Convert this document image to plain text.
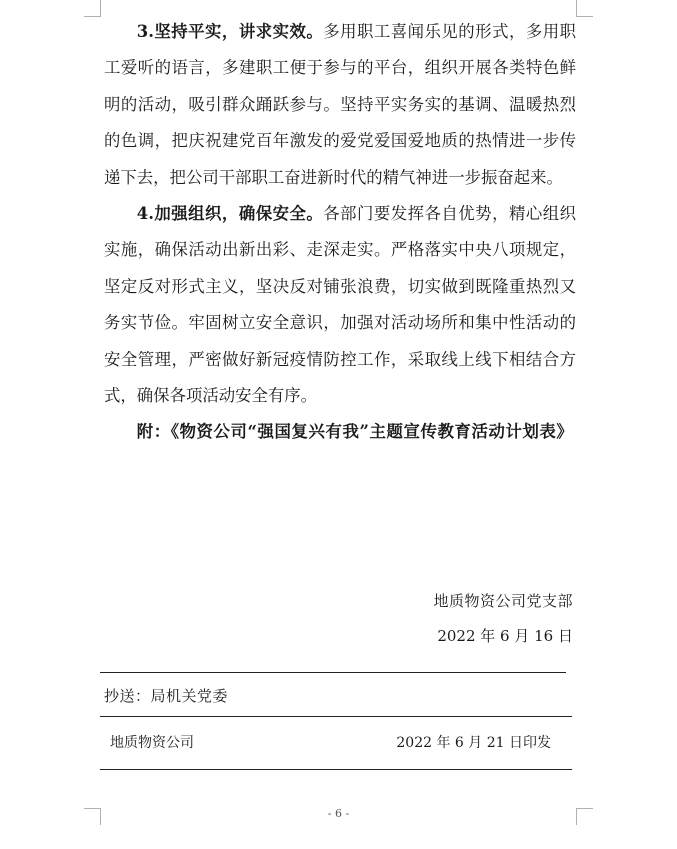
3.坚持平实，讲求实效。多用职工喜闻乐见的形式，多用职工爱听的语言，多建职工便于参与的平台，组织开展各类特色鲜明的活动，吸引群众踊跃参与。坚持平实务实的基调、温暖热烈的色调，把庆祝建党百年激发的爱党爱国爱地质的热情进一步传递下去，把公司干部职工奋进新时代的精气神进一步振奋起来。

4.加强组织，确保安全。各部门要发挥各自优势，精心组织实施，确保活动出新出彩、走深走实。严格落实中央八项规定，坚定反对形式主义，坚决反对铺张浪费，切实做到既隆重热烈又务实节俭。牢固树立安全意识，加强对活动场所和集中性活动的安全管理，严密做好新冠疫情防控工作，采取线上线下相结合方式，确保各项活动安全有序。

附：《物资公司“强国复兴有我”主题宣传教育活动计划表》

地质物资公司党支部
2022 年 6 月 16 日
抄送：局机关党委
地质物资公司	2022 年 6 月 21 日印发
- 6 -
